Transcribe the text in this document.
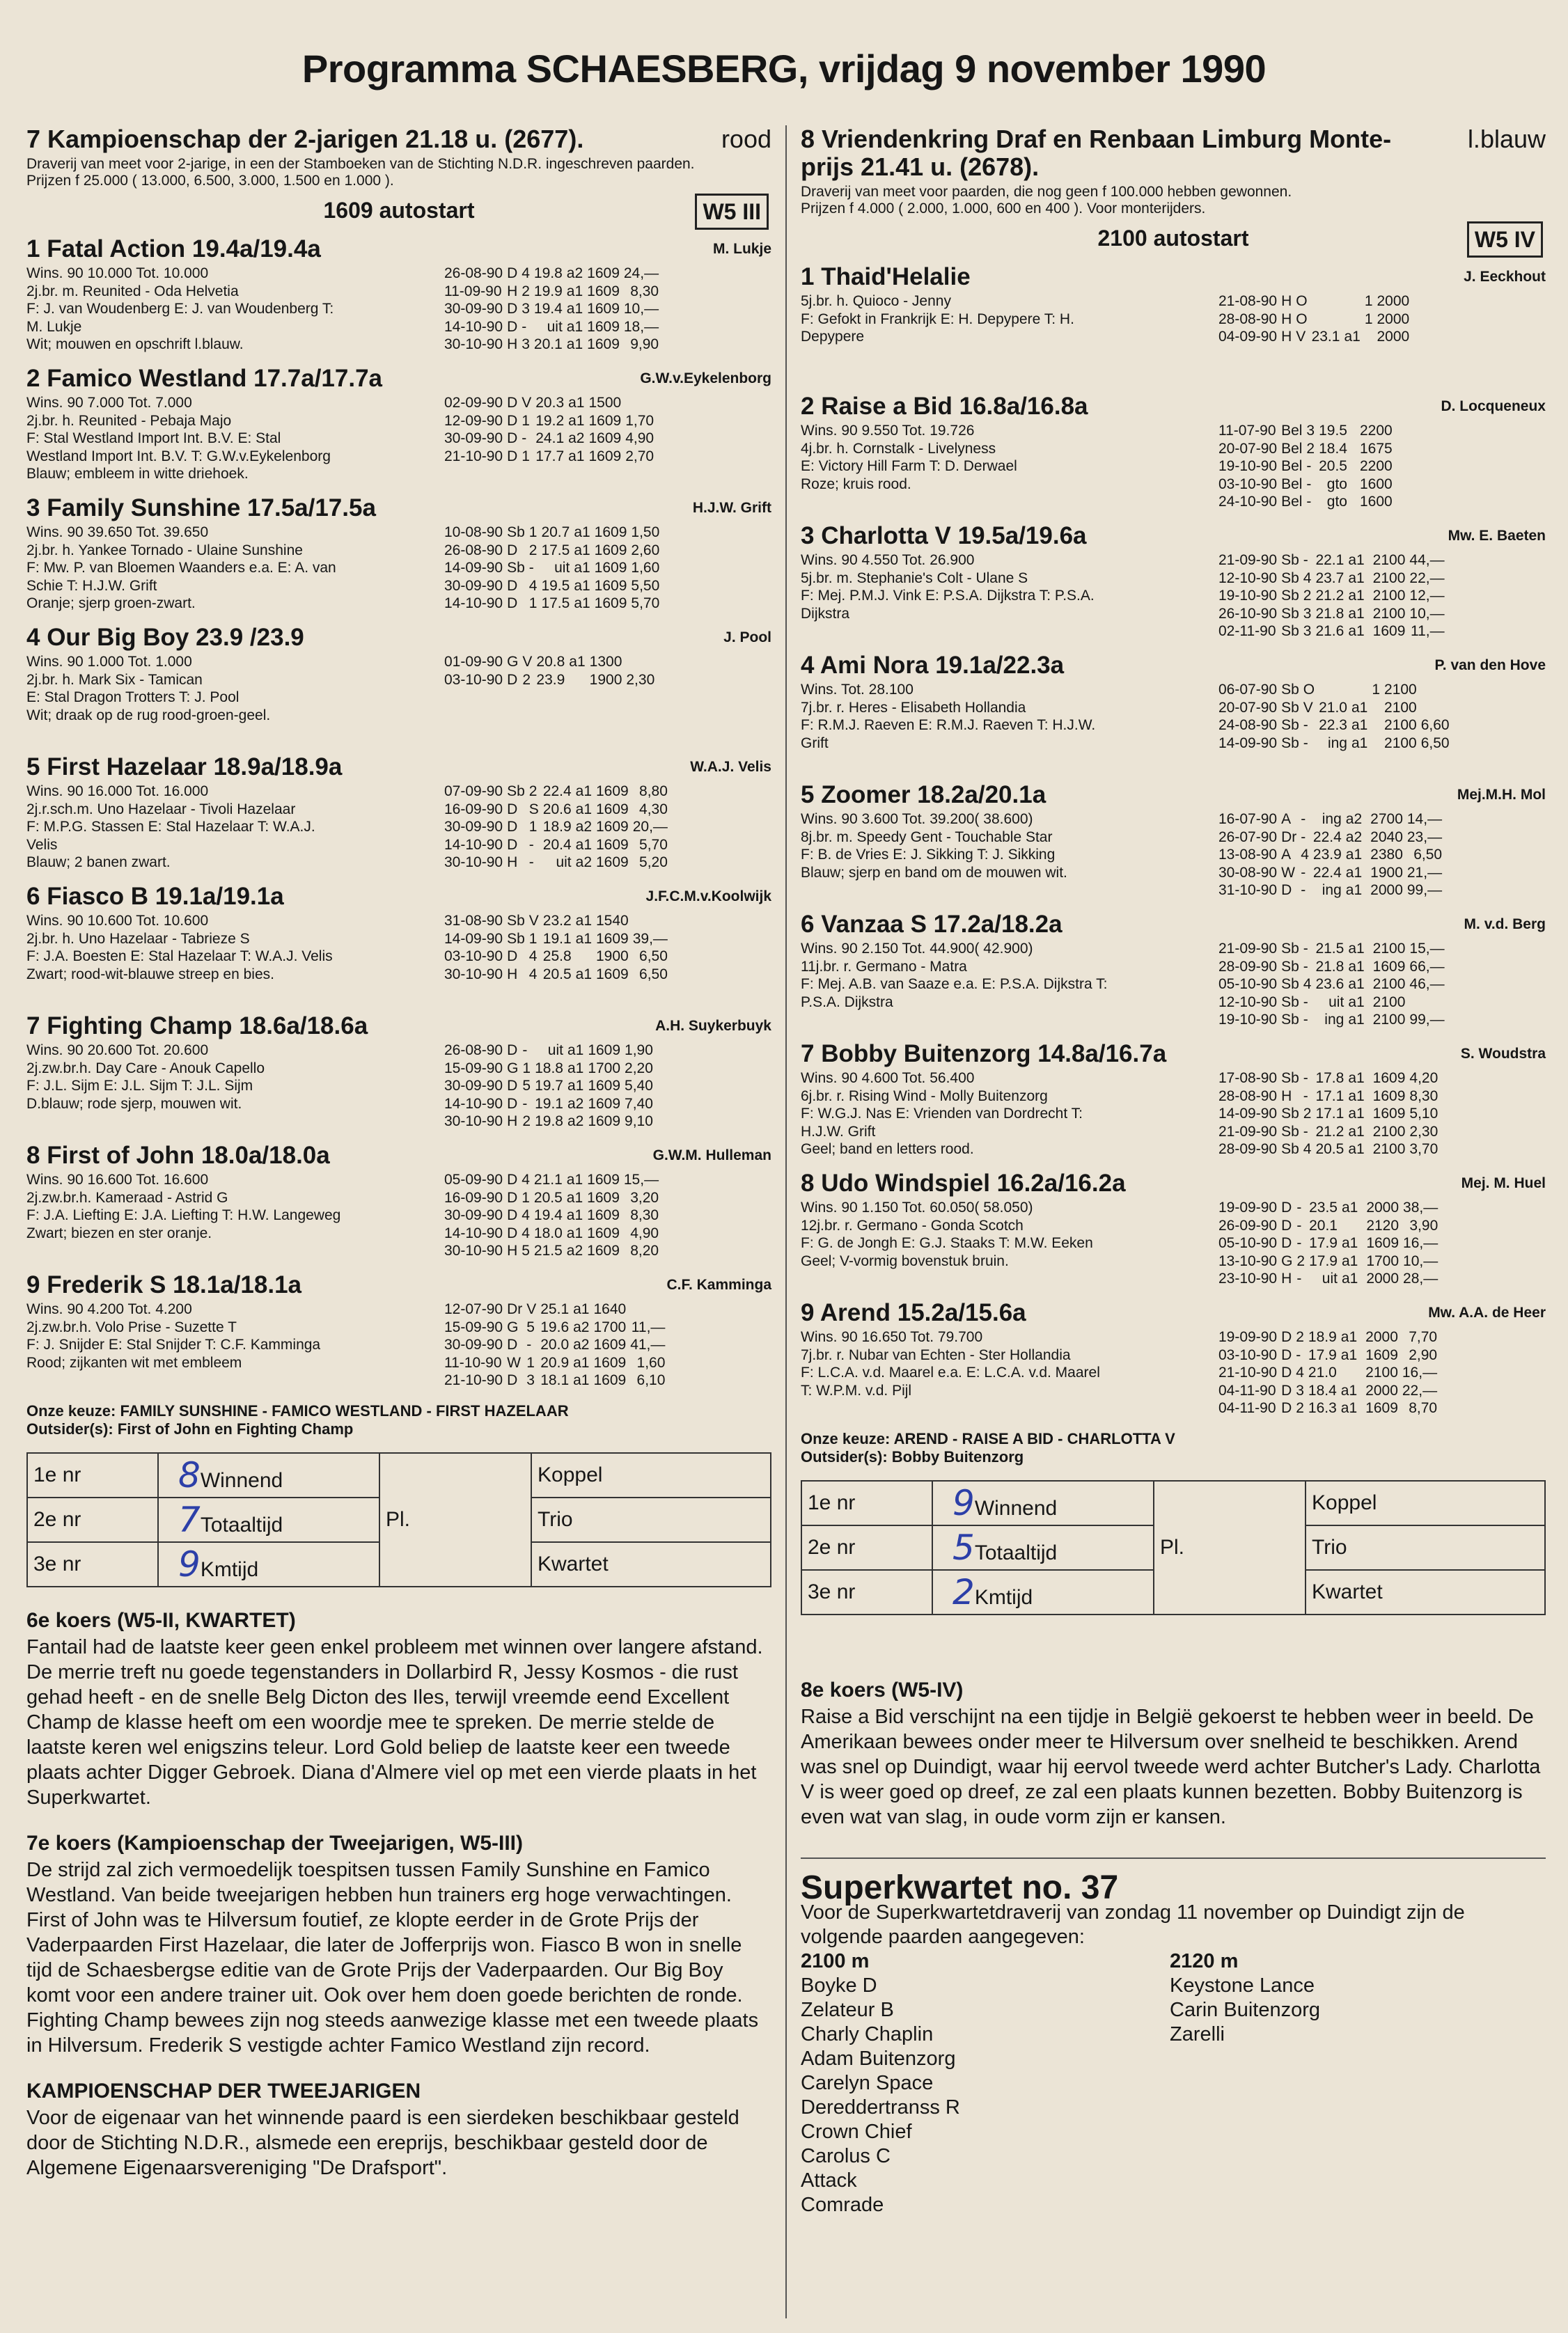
Programma SCHAESBERG, vrijdag 9 november 1990
7 Kampioenschap der 2-jarigen 21.18 u. (2677).	rood
Draverij van meet voor 2-jarige, in een der Stamboeken van de Stichting N.D.R. ingeschreven paarden.
Prijzen f 25.000 ( 13.000, 6.500, 3.000, 1.500 en 1.000 ).
1609 autostart	W5 III
1 Fatal Action 19.4a/19.4a	M. Lukje
Wins. 90 10.000 Tot. 10.000
2j.br. m. Reunited - Oda Helvetia
F: J. van Woudenberg E: J. van Woudenberg T:
M. Lukje
Wit; mouwen en opschrift l.blauw.
26-08-90	D	4	19.8	a2	1609	24,—
11-09-90	H	2	19.9	a1	1609	8,30
30-09-90	D	3	19.4	a1	1609	10,—
14-10-90	D	-	uit	a1	1609	18,—
30-10-90	H	3	20.1	a1	1609	9,90
2 Famico Westland 17.7a/17.7a	G.W.v.Eykelenborg
Wins. 90 7.000 Tot. 7.000
2j.br. h. Reunited - Pebaja Majo
F: Stal Westland Import Int. B.V. E: Stal
Westland Import Int. B.V. T: G.W.v.Eykelenborg
Blauw; embleem in witte driehoek.
02-09-90	D	V	20.3	a1	1500	
12-09-90	D	1	19.2	a1	1609	1,70
30-09-90	D	-	24.1	a2	1609	4,90
21-10-90	D	1	17.7	a1	1609	2,70
3 Family Sunshine 17.5a/17.5a	H.J.W. Grift
Wins. 90 39.650 Tot. 39.650
2j.br. h. Yankee Tornado - Ulaine Sunshine
F: Mw. P. van Bloemen Waanders e.a. E: A. van
Schie T: H.J.W. Grift
Oranje; sjerp groen-zwart.
10-08-90	Sb	1	20.7	a1	1609	1,50
26-08-90	D	2	17.5	a1	1609	2,60
14-09-90	Sb	-	uit	a1	1609	1,60
30-09-90	D	4	19.5	a1	1609	5,50
14-10-90	D	1	17.5	a1	1609	5,70
4 Our Big Boy 23.9 /23.9	J. Pool
Wins. 90 1.000 Tot. 1.000
2j.br. h. Mark Six - Tamican
E: Stal Dragon Trotters T: J. Pool
Wit; draak op de rug rood-groen-geel.
01-09-90	G	V	20.8	a1	1300	
03-10-90	D	2	23.9		1900	2,30
5 First Hazelaar 18.9a/18.9a	W.A.J. Velis
Wins. 90 16.000 Tot. 16.000
2j.r.sch.m. Uno Hazelaar - Tivoli Hazelaar
F: M.P.G. Stassen E: Stal Hazelaar T: W.A.J.
Velis
Blauw; 2 banen zwart.
07-09-90	Sb	2	22.4	a1	1609	8,80
16-09-90	D	S	20.6	a1	1609	4,30
30-09-90	D	1	18.9	a2	1609	20,—
14-10-90	D	-	20.4	a1	1609	5,70
30-10-90	H	-	uit	a2	1609	5,20
6 Fiasco B 19.1a/19.1a	J.F.C.M.v.Koolwijk
Wins. 90 10.600 Tot. 10.600
2j.br. h. Uno Hazelaar - Tabrieze S
F: J.A. Boesten E: Stal Hazelaar T: W.A.J. Velis
Zwart; rood-wit-blauwe streep en bies.
31-08-90	Sb	V	23.2	a1	1540	
14-09-90	Sb	1	19.1	a1	1609	39,—
03-10-90	D	4	25.8		1900	6,50
30-10-90	H	4	20.5	a1	1609	6,50
7 Fighting Champ 18.6a/18.6a	A.H. Suykerbuyk
Wins. 90 20.600 Tot. 20.600
2j.zw.br.h. Day Care - Anouk Capello
F: J.L. Sijm E: J.L. Sijm T: J.L. Sijm
D.blauw; rode sjerp, mouwen wit.
26-08-90	D	-	uit	a1	1609	1,90
15-09-90	G	1	18.8	a1	1700	2,20
30-09-90	D	5	19.7	a1	1609	5,40
14-10-90	D	-	19.1	a2	1609	7,40
30-10-90	H	2	19.8	a2	1609	9,10
8 First of John 18.0a/18.0a	G.W.M. Hulleman
Wins. 90 16.600 Tot. 16.600
2j.zw.br.h. Kameraad - Astrid G
F: J.A. Liefting E: J.A. Liefting T: H.W. Langeweg
Zwart; biezen en ster oranje.
05-09-90	D	4	21.1	a1	1609	15,—
16-09-90	D	1	20.5	a1	1609	3,20
30-09-90	D	4	19.4	a1	1609	8,30
14-10-90	D	4	18.0	a1	1609	4,90
30-10-90	H	5	21.5	a2	1609	8,20
9 Frederik S 18.1a/18.1a	C.F. Kamminga
Wins. 90 4.200 Tot. 4.200
2j.zw.br.h. Volo Prise - Suzette T
F: J. Snijder E: Stal Snijder T: C.F. Kamminga
Rood; zijkanten wit met embleem
12-07-90	Dr	V	25.1	a1	1640	
15-09-90	G	5	19.6	a2	1700	11,—
30-09-90	D	-	20.0	a2	1609	41,—
11-10-90	W	1	20.9	a1	1609	1,60
21-10-90	D	3	18.1	a1	1609	6,10
Onze keuze: FAMILY SUNSHINE - FAMICO WESTLAND - FIRST HAZELAAR
Outsider(s): First of John en Fighting Champ
1e nr	8Winnend	Pl.	Koppel
2e nr	7Totaaltijd		Trio
3e nr	9Kmtijd		Kwartet
6e koers (W5-II, KWARTET)
Fantail had de laatste keer geen enkel probleem met winnen over langere afstand. De merrie treft nu goede tegenstanders in Dollarbird R, Jessy Kosmos - die rust gehad heeft - en de snelle Belg Dicton des Iles, terwijl vreemde eend Excellent Champ de klasse heeft om een woordje mee te spreken. De merrie stelde de laatste keren wel enigszins teleur. Lord Gold beliep de laatste keer een tweede plaats achter Digger Gebroek. Diana d'Almere viel op met een vierde plaats in het Superkwartet.
7e koers (Kampioenschap der Tweejarigen, W5-III)
De strijd zal zich vermoedelijk toespitsen tussen Family Sunshine en Famico Westland. Van beide tweejarigen hebben hun trainers erg hoge verwachtingen. First of John was te Hilversum foutief, ze klopte eerder in de Grote Prijs der Vaderpaarden First Hazelaar, die later de Jofferprijs won. Fiasco B won in snelle tijd de Schaesbergse editie van de Grote Prijs der Vaderpaarden. Our Big Boy komt voor een andere trainer uit. Ook over hem doen goede berichten de ronde. Fighting Champ bewees zijn nog steeds aanwezige klasse met een tweede plaats in Hilversum. Frederik S vestigde achter Famico Westland zijn record.
KAMPIOENSCHAP DER TWEEJARIGEN
Voor de eigenaar van het winnende paard is een sierdeken beschikbaar gesteld door de Stichting N.D.R., alsmede een ereprijs, beschikbaar gesteld door de Algemene Eigenaarsvereniging "De Drafsport".
8 Vriendenkring Draf en Renbaan Limburg Monte-prijs 21.41 u. (2678).
l.blauw
Draverij van meet voor paarden, die nog geen f 100.000 hebben gewonnen.
Prijzen f 4.000 ( 2.000, 1.000, 600 en 400 ). Voor monterijders.
2100 autostart	W5 IV
1 Thaid'Helalie	J. Eeckhout
5j.br. h. Quioco - Jenny
F: Gefokt in Frankrijk E: H. Depypere T: H.
Depypere
21-08-90	H	O			1	2000	
28-08-90	H	O			1	2000	
04-09-90	H	V	23.1	a1		2000	
2 Raise a Bid 16.8a/16.8a	D. Locqueneux
Wins. 90 9.550 Tot. 19.726
4j.br. h. Cornstalk - Livelyness
E: Victory Hill Farm T: D. Derwael
Roze; kruis rood.
11-07-90	Bel	3	19.5			2200	
20-07-90	Bel	2	18.4			1675	
19-10-90	Bel	-	20.5			2200	
03-10-90	Bel	-	gto			1600	
24-10-90	Bel	-	gto			1600	
3 Charlotta V 19.5a/19.6a	Mw. E. Baeten
Wins. 90 4.550 Tot. 26.900
5j.br. m. Stephanie's Colt - Ulane S
F: Mej. P.M.J. Vink E: P.S.A. Dijkstra T: P.S.A.
Dijkstra
21-09-90	Sb	-	22.1	a1		2100	44,—
12-10-90	Sb	4	23.7	a1		2100	22,—
19-10-90	Sb	2	21.2	a1		2100	12,—
26-10-90	Sb	3	21.8	a1		2100	10,—
02-11-90	Sb	3	21.6	a1		1609	11,—
4 Ami Nora 19.1a/22.3a	P. van den Hove
Wins. Tot. 28.100
7j.br. r. Heres - Elisabeth Hollandia
F: R.M.J. Raeven E: R.M.J. Raeven T: H.J.W.
Grift
06-07-90	Sb	O			1	2100	
20-07-90	Sb	V	21.0	a1		2100	
24-08-90	Sb	-	22.3	a1		2100	6,60
14-09-90	Sb	-	ing	a1		2100	6,50
5 Zoomer 18.2a/20.1a	Mej.M.H. Mol
Wins. 90 3.600 Tot. 39.200( 38.600)
8j.br. m. Speedy Gent - Touchable Star
F: B. de Vries E: J. Sikking T: J. Sikking
Blauw; sjerp en band om de mouwen wit.
16-07-90	A	-	ing	a2		2700	14,—
26-07-90	Dr	-	22.4	a2		2040	23,—
13-08-90	A	4	23.9	a1		2380	6,50
30-08-90	W	-	22.4	a1		1900	21,—
31-10-90	D	-	ing	a1		2000	99,—
6 Vanzaa S 17.2a/18.2a	M. v.d. Berg
Wins. 90 2.150 Tot. 44.900( 42.900)
11j.br. r. Germano - Matra
F: Mej. A.B. van Saaze e.a. E: P.S.A. Dijkstra T:
P.S.A. Dijkstra
21-09-90	Sb	-	21.5	a1		2100	15,—
28-09-90	Sb	-	21.8	a1		1609	66,—
05-10-90	Sb	4	23.6	a1		2100	46,—
12-10-90	Sb	-	uit	a1		2100	
19-10-90	Sb	-	ing	a1		2100	99,—
7 Bobby Buitenzorg 14.8a/16.7a	S. Woudstra
Wins. 90 4.600 Tot. 56.400
6j.br. r. Rising Wind - Molly Buitenzorg
F: W.G.J. Nas E: Vrienden van Dordrecht T:
H.J.W. Grift
Geel; band en letters rood.
17-08-90	Sb	-	17.8	a1		1609	4,20
28-08-90	H	-	17.1	a1		1609	8,30
14-09-90	Sb	2	17.1	a1		1609	5,10
21-09-90	Sb	-	21.2	a1		2100	2,30
28-09-90	Sb	4	20.5	a1		2100	3,70
8 Udo Windspiel 16.2a/16.2a	Mej. M. Huel
Wins. 90 1.150 Tot. 60.050( 58.050)
12j.br. r. Germano - Gonda Scotch
F: G. de Jongh E: G.J. Staaks T: M.W. Eeken
Geel; V-vormig bovenstuk bruin.
19-09-90	D	-	23.5	a1		2000	38,—
26-09-90	D	-	20.1			2120	3,90
05-10-90	D	-	17.9	a1		1609	16,—
13-10-90	G	2	17.9	a1		1700	10,—
23-10-90	H	-	uit	a1		2000	28,—
9 Arend 15.2a/15.6a	Mw. A.A. de Heer
Wins. 90 16.650 Tot. 79.700
7j.br. r. Nubar van Echten - Ster Hollandia
F: L.C.A. v.d. Maarel e.a. E: L.C.A. v.d. Maarel
T: W.P.M. v.d. Pijl
19-09-90	D	2	18.9	a1		2000	7,70
03-10-90	D	-	17.9	a1		1609	2,90
21-10-90	D	4	21.0			2100	16,—
04-11-90	D	3	18.4	a1		2000	22,—
04-11-90	D	2	16.3	a1		1609	8,70
Onze keuze: AREND - RAISE A BID - CHARLOTTA V
Outsider(s): Bobby Buitenzorg
1e nr	9Winnend	Pl.	Koppel
2e nr	5Totaaltijd		Trio
3e nr	2Kmtijd		Kwartet
8e koers (W5-IV)
Raise a Bid verschijnt na een tijdje in België gekoerst te hebben weer in beeld. De Amerikaan bewees onder meer te Hilversum over snelheid te beschikken. Arend was snel op Duindigt, waar hij eervol tweede werd achter Butcher's Lady. Charlotta V is weer goed op dreef, ze zal een plaats kunnen bezetten. Bobby Buitenzorg is even wat van slag, in oude vorm zijn er kansen.
Superkwartet no. 37

Voor de Superkwartetdraverij van zondag 11 november op Duindigt zijn de volgende paarden aangegeven:

2100 m
Boyke D
Zelateur B
Charly Chaplin
Adam Buitenzorg
Carelyn Space
Dereddertranss R
Crown Chief
Carolus C
Attack
Comrade
2120 m
Keystone Lance
Carin Buitenzorg
Zarelli
